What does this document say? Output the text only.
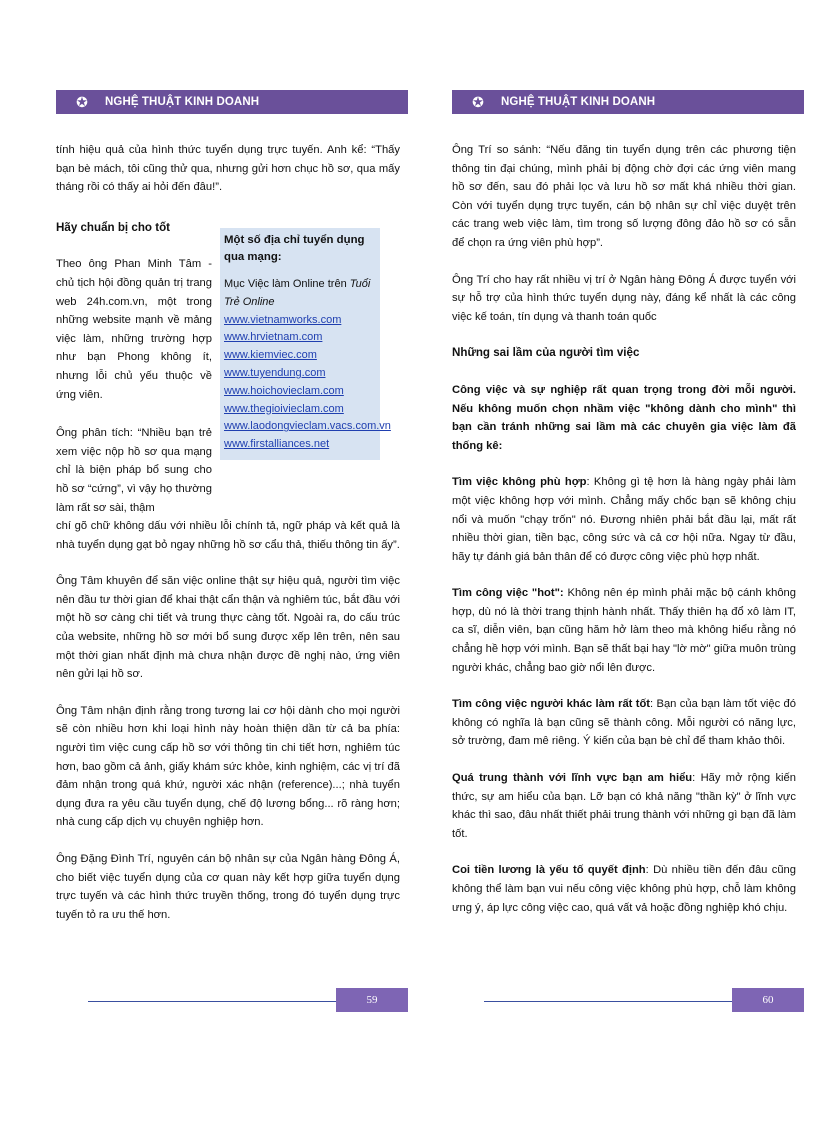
✪	NGHỆ THUẬT KINH DOANH

tính hiệu quả của hình thức tuyển dụng trực tuyến. Anh kể: “Thấy bạn bè mách, tôi cũng thử qua, nhưng gửi hơn chục hồ sơ, qua mấy tháng rồi có thấy ai hỏi đến đâu!”.

Hãy chuẩn bị cho tốt

Theo ông Phan Minh Tâm - chủ tịch hội đồng quản trị trang web 24h.com.vn, một trong những website mạnh về mảng việc làm, những trường hợp như bạn Phong không ít, nhưng lỗi chủ yếu thuộc về ứng viên.

Ông phân tích: “Nhiều bạn trẻ xem việc nộp hồ sơ qua mạng chỉ là biện pháp bổ sung cho hồ sơ “cứng”, vì vậy họ thường làm rất sơ sài, thậm

chí gõ chữ không dấu với nhiều lỗi chính tả, ngữ pháp và kết quả là nhà tuyển dụng gạt bỏ ngay những hồ sơ cẩu thả, thiếu thông tin ấy”.

Ông Tâm khuyên để săn việc online thật sự hiệu quả, người tìm việc nên đầu tư thời gian để khai thật cẩn thận và nghiêm túc, bắt đầu với một hồ sơ càng chi tiết và trung thực càng tốt. Ngoài ra, do cấu trúc của website, những hồ sơ mới bổ sung được xếp lên trên, nên sau một thời gian nhất định mà chưa nhận được đề nghị nào, ứng viên nên gửi lại hồ sơ.

Ông Tâm nhận định rằng trong tương lai cơ hội dành cho mọi người sẽ còn nhiều hơn khi loại hình này hoàn thiện dần từ cả ba phía: người tìm việc cung cấp hồ sơ với thông tin chi tiết hơn, nghiêm túc hơn, bao gồm cả ảnh, giấy khám sức khỏe, kinh nghiệm, các vị trí đã đảm nhận trong quá khứ, người xác nhận (reference)...; nhà tuyển dụng đưa ra yêu cầu tuyển dụng, chế độ lương bổng... rõ ràng hơn; nhà cung cấp dịch vụ chuyên nghiệp hơn.

Ông Đặng Đình Trí, nguyên cán bộ nhân sự của Ngân hàng Đông Á, cho biết việc tuyển dụng của cơ quan này kết hợp giữa tuyển dụng trực tuyến và các hình thức truyền thống, trong đó tuyển dụng trực tuyến tỏ ra ưu thế hơn.

Một số địa chỉ tuyển dụng qua mạng:
Mục Việc làm Online trên Tuổi Trẻ Online
www.vietnamworks.com
www.hrvietnam.com
www.kiemviec.com
www.tuyendung.com
www.hoichovieclam.com
www.thegioivieclam.com
www.laodongvieclam.vacs.com.vn
www.firstalliances.net
59
✪	NGHỆ THUẬT KINH DOANH

Ông Trí so sánh: “Nếu đăng tin tuyển dụng trên các phương tiện thông tin đại chúng, mình phải bị động chờ đợi các ứng viên mang hồ sơ đến, sau đó phải lọc và lưu hồ sơ mất khá nhiều thời gian. Còn với tuyển dụng trực tuyến, cán bộ nhân sự chỉ việc duyệt trên các trang web việc làm, tìm trong số lượng đông đảo hồ sơ có sẵn để chọn ra ứng viên phù hợp”.

Ông Trí cho hay rất nhiều vị trí ở Ngân hàng Đông Á được tuyển với sự hỗ trợ của hình thức tuyển dụng này, đáng kể nhất là các công việc kế toán, tín dụng và thanh toán quốc

Những sai lầm của người tìm việc

Công việc và sự nghiệp rất quan trọng trong đời mỗi người. Nếu không muốn chọn nhầm việc "không dành cho mình" thì bạn cần tránh những sai lầm mà các chuyên gia việc làm đã thống kê:

Tìm việc không phù hợp: Không gì tệ hơn là hàng ngày phải làm một việc không hợp với mình. Chẳng mấy chốc bạn sẽ không chịu nổi và muốn "chạy trốn" nó. Đương nhiên phải bắt đầu lại, mất rất nhiều thời gian, tiền bạc, công sức và cả cơ hội nữa. Ngay từ đầu, hãy tự đánh giá bản thân để có được công việc phù hợp nhất.

Tìm công việc "hot": Không nên ép mình phải mặc bộ cánh không hợp, dù nó là thời trang thịnh hành nhất. Thấy thiên hạ đổ xô làm IT, ca sĩ, diễn viên, bạn cũng hăm hở làm theo mà không hiểu rằng nó chẳng hề hợp với mình. Bạn sẽ thất bại hay "lờ mờ" giữa muôn trùng người khác, chẳng bao giờ nổi lên được.

Tìm công việc người khác làm rất tốt: Bạn của bạn làm tốt việc đó không có nghĩa là bạn cũng sẽ thành công. Mỗi người có năng lực, sở trường, đam mê riêng. Ý kiến của bạn bè chỉ để tham khảo thôi.

Quá trung thành với lĩnh vực bạn am hiểu: Hãy mở rộng kiến thức, sự am hiểu của bạn. Lỡ bạn có khả năng "thần kỳ" ở lĩnh vực khác thì sao, đâu nhất thiết phải trung thành với những gì bạn đã làm tốt.

Coi tiền lương là yếu tố quyết định: Dù nhiều tiền đến đâu cũng không thể làm bạn vui nếu công việc không phù hợp, chỗ làm không ưng ý, áp lực công việc cao, quá vất vả hoặc đồng nghiệp khó chịu.

60
